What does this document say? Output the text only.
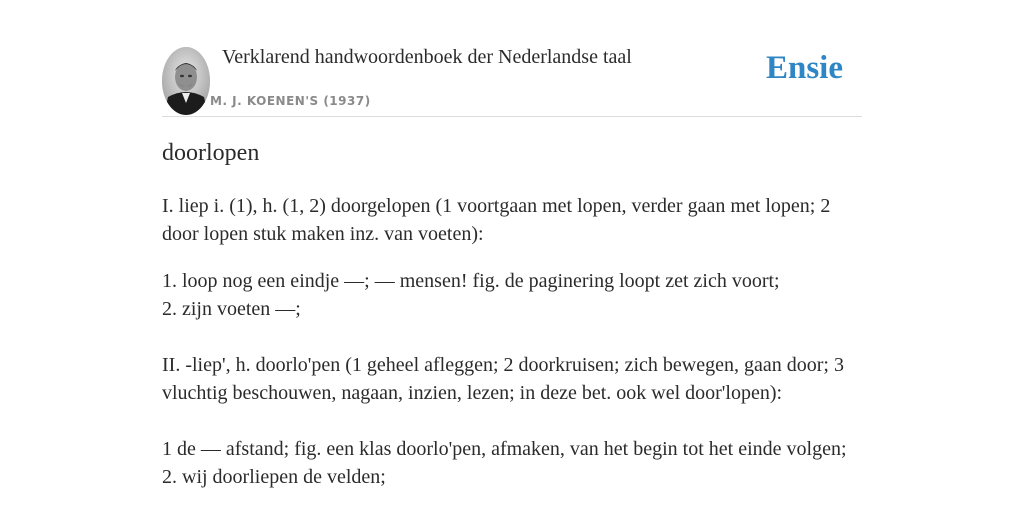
Verklarend handwoordenboek der Nederlandse taal
M. J. KOENEN'S (1937)
Ensie
doorlopen

I. liep i. (1), h. (1, 2) doorgelopen (1 voortgaan met lopen, verder gaan met lopen; 2 door lopen stuk maken inz. van voeten):

1. loop nog een eindje —; — mensen! fig. de paginering loopt zet zich voort;

2. zijn voeten —;

II. -liep', h. doorlo'pen (1 geheel afleggen; 2 doorkruisen; zich bewegen, gaan door; 3 vluchtig beschouwen, nagaan, inzien, lezen; in deze bet. ook wel door'lopen):

1 de — afstand; fig. een klas doorlo'pen, afmaken, van het begin tot het einde volgen;

2. wij doorliepen de velden;
